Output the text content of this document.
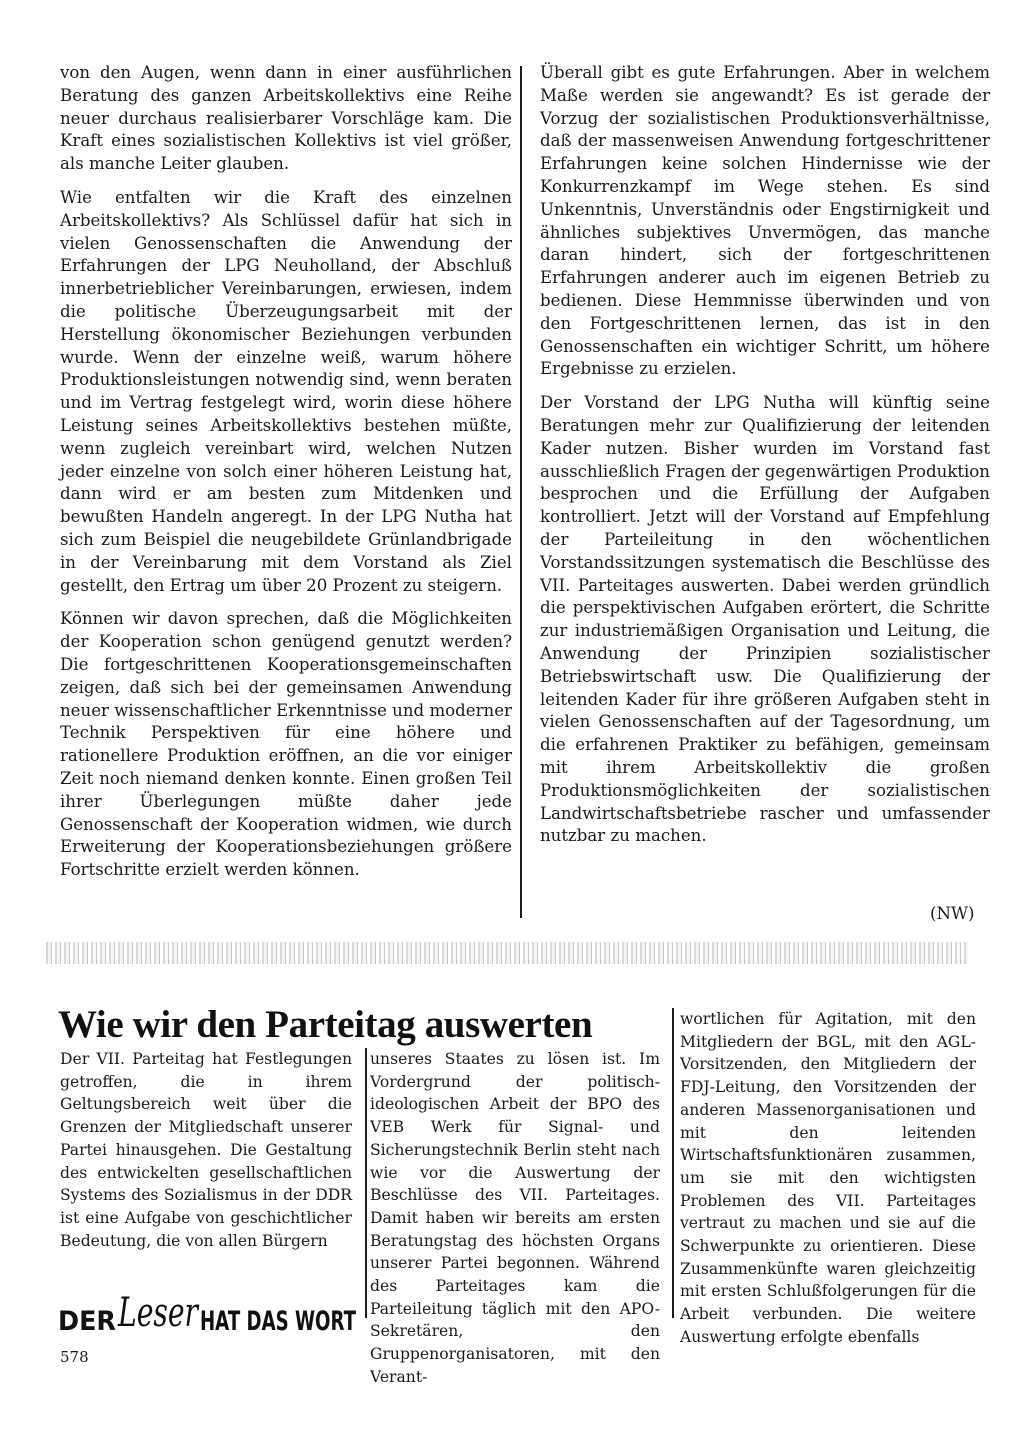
von den Augen, wenn dann in einer ausführlichen Beratung des ganzen Arbeitskollektivs eine Reihe neuer durchaus realisierbarer Vorschläge kam. Die Kraft eines sozialistischen Kollektivs ist viel größer, als manche Leiter glauben.

Wie entfalten wir die Kraft des einzelnen Arbeitskollektivs? Als Schlüssel dafür hat sich in vielen Genossenschaften die Anwendung der Erfahrungen der LPG Neuholland, der Abschluß innerbetrieblicher Vereinbarungen, erwiesen, indem die politische Überzeugungsarbeit mit der Herstellung ökonomischer Beziehungen verbunden wurde. Wenn der einzelne weiß, warum höhere Produktionsleistungen notwendig sind, wenn beraten und im Vertrag festgelegt wird, worin diese höhere Leistung seines Arbeitskollektivs bestehen müßte, wenn zugleich vereinbart wird, welchen Nutzen jeder einzelne von solch einer höheren Leistung hat, dann wird er am besten zum Mitdenken und bewußten Handeln angeregt. In der LPG Nutha hat sich zum Beispiel die neugebildete Grünlandbrigade in der Vereinbarung mit dem Vorstand als Ziel gestellt, den Ertrag um über 20 Prozent zu steigern.

Können wir davon sprechen, daß die Möglichkeiten der Kooperation schon genügend genutzt werden? Die fortgeschrittenen Kooperationsgemeinschaften zeigen, daß sich bei der gemeinsamen Anwendung neuer wissenschaftlicher Erkenntnisse und moderner Technik Perspektiven für eine höhere und rationellere Produktion eröffnen, an die vor einiger Zeit noch niemand denken konnte. Einen großen Teil ihrer Überlegungen müßte daher jede Genossenschaft der Kooperation widmen, wie durch Erweiterung der Kooperationsbeziehungen größere Fortschritte erzielt werden können.

Überall gibt es gute Erfahrungen. Aber in welchem Maße werden sie angewandt? Es ist gerade der Vorzug der sozialistischen Produktionsverhältnisse, daß der massenweisen Anwendung fortgeschrittener Erfahrungen keine solchen Hindernisse wie der Konkurrenzkampf im Wege stehen. Es sind Unkenntnis, Unverständnis oder Engstirnigkeit und ähnliches subjektives Unvermögen, das manche daran hindert, sich der fortgeschrittenen Erfahrungen anderer auch im eigenen Betrieb zu bedienen. Diese Hemmnisse überwinden und von den Fortgeschrittenen lernen, das ist in den Genossenschaften ein wichtiger Schritt, um höhere Ergebnisse zu erzielen.

Der Vorstand der LPG Nutha will künftig seine Beratungen mehr zur Qualifizierung der leitenden Kader nutzen. Bisher wurden im Vorstand fast ausschließlich Fragen der gegenwärtigen Produktion besprochen und die Erfüllung der Aufgaben kontrolliert. Jetzt will der Vorstand auf Empfehlung der Parteileitung in den wöchentlichen Vorstandssitzungen systematisch die Beschlüsse des VII. Parteitages auswerten. Dabei werden gründlich die perspektivischen Aufgaben erörtert, die Schritte zur industriemäßigen Organisation und Leitung, die Anwendung der Prinzipien sozialistischer Betriebswirtschaft usw. Die Qualifizierung der leitenden Kader für ihre größeren Aufgaben steht in vielen Genossenschaften auf der Tagesordnung, um die erfahrenen Praktiker zu befähigen, gemeinsam mit ihrem Arbeitskollektiv die großen Produktionsmöglichkeiten der sozialistischen Landwirtschaftsbetriebe rascher und umfassender nutzbar zu machen.

(NW)
Wie wir den Parteitag auswerten
Der VII. Parteitag hat Festlegungen getroffen, die in ihrem Geltungsbereich weit über die Grenzen der Mitgliedschaft unserer Partei hinausgehen. Die Gestaltung des entwickelten gesellschaftlichen Systems des Sozialismus in der DDR ist eine Aufgabe von geschichtlicher Bedeutung, die von allen Bürgern
unseres Staates zu lösen ist. Im Vordergrund der politisch-ideologischen Arbeit der BPO des VEB Werk für Signal- und Sicherungstechnik Berlin steht nach wie vor die Auswertung der Beschlüsse des VII. Parteitages. Damit haben wir bereits am ersten Beratungstag des höchsten Organs unserer Partei begonnen. Während des Parteitages kam die Parteileitung täglich mit den APO-Sekretären, den Gruppenorganisatoren, mit den Verant-
wortlichen für Agitation, mit den Mitgliedern der BGL, mit den AGL-Vorsitzenden, den Mitgliedern der FDJ-Leitung, den Vorsitzenden der anderen Massenorganisationen und mit den leitenden Wirtschaftsfunktionären zusammen, um sie mit den wichtigsten Problemen des VII. Parteitages vertraut zu machen und sie auf die Schwerpunkte zu orientieren. Diese Zusammenkünfte waren gleichzeitig mit ersten Schlußfolgerungen für die Arbeit verbunden. Die weitere Auswertung erfolgte ebenfalls
DER Leser HAT DAS WORT
578
